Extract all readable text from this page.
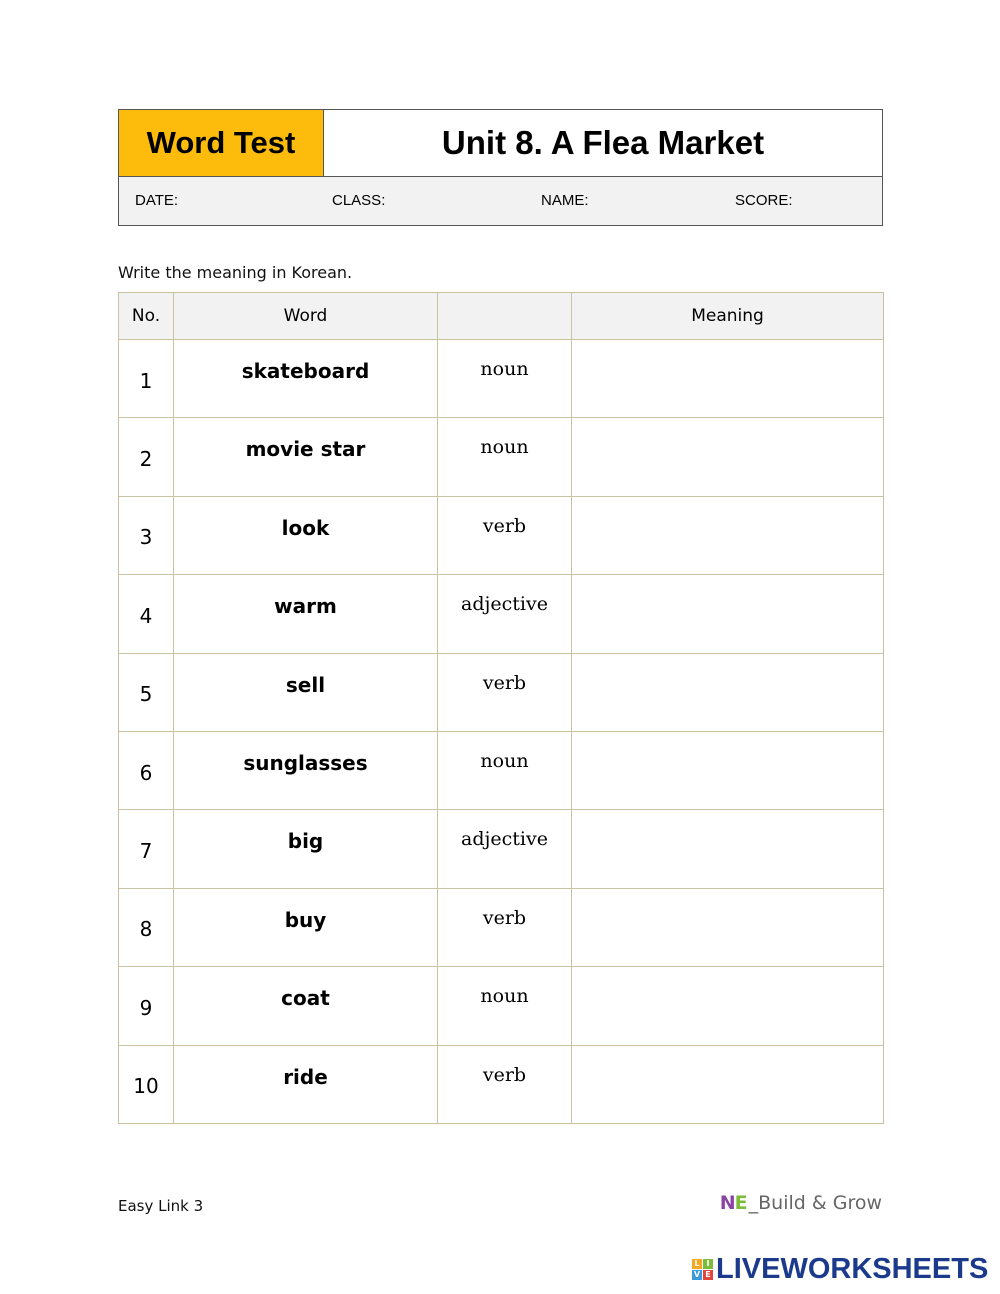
Word Test	Unit 8. A Flea Market
DATE:	CLASS:	NAME:	SCORE:
Write the meaning in Korean.
No.	Word		Meaning
1	skateboard	noun	
2	movie star	noun	
3	look	verb	
4	warm	adjective	
5	sell	verb	
6	sunglasses	noun	
7	big	adjective	
8	buy	verb	
9	coat	noun	
10	ride	verb	
Easy Link 3	NE _Build & Grow
L I
V E LIVEWORKSHEETS
